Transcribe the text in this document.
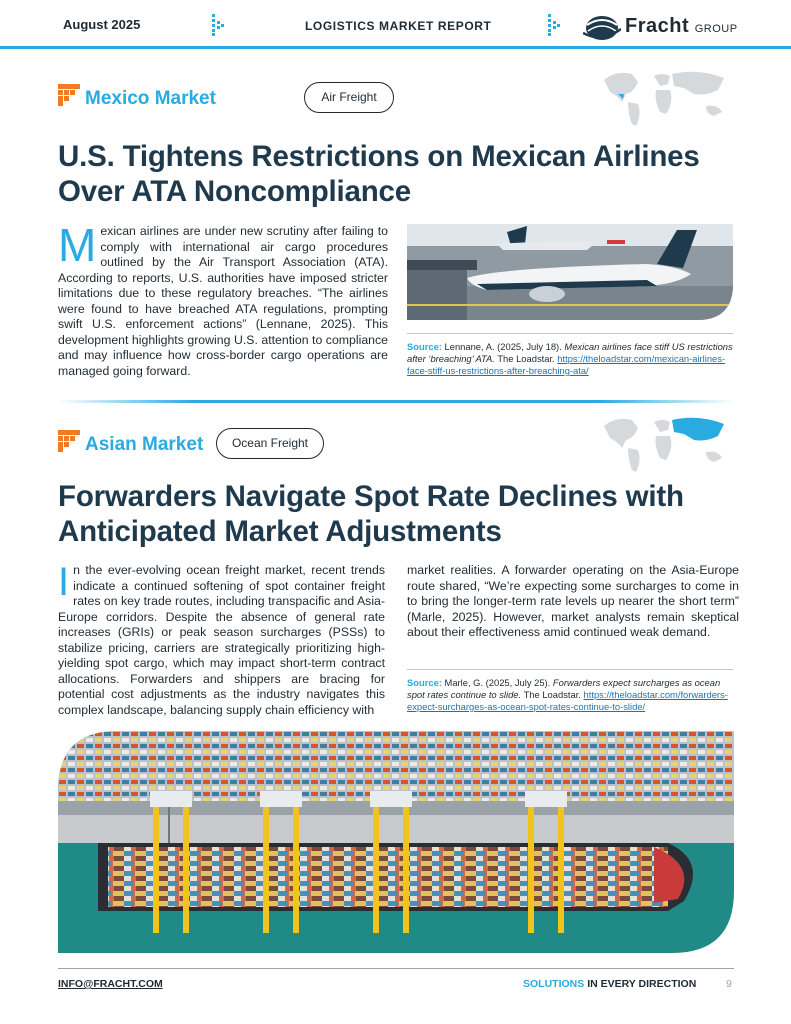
August 2025	LOGISTICS MARKET REPORT	Fracht GROUP
Mexico Market	Air Freight
U.S. Tightens Restrictions on Mexican Airlines
Over ATA Noncompliance
Mexican airlines are under new scrutiny after failing to comply with international air cargo procedures outlined by the Air Transport Association (ATA). According to reports, U.S. authorities have imposed stricter limitations due to these regulatory breaches. “The airlines were found to have breached ATA regulations, prompting swift U.S. enforcement actions” (Lennane, 2025). This development highlights growing U.S. attention to compliance and may influence how cross-border cargo operations are managed going forward.
Source: Lennane, A. (2025, July 18). Mexican airlines face stiff US restrictions after ‘breaching’ ATA. The Loadstar. https://theloadstar.com/mexican-airlines-face-stiff-us-restrictions-after-breaching-ata/
Asian Market	Ocean Freight
Forwarders Navigate Spot Rate Declines with
Anticipated Market Adjustments
In the ever-evolving ocean freight market, recent trends indicate a continued softening of spot container freight rates on key trade routes, including transpacific and Asia-Europe corridors. Despite the absence of general rate increases (GRIs) or peak season surcharges (PSSs) to stabilize pricing, carriers are strategically prioritizing high-yielding spot cargo, which may impact short-term contract allocations. Forwarders and shippers are bracing for potential cost adjustments as the industry navigates this complex landscape, balancing supply chain efficiency with
market realities. A forwarder operating on the Asia-Europe route shared, “We’re expecting some surcharges to come in to bring the longer-term rate levels up nearer the short term” (Marle, 2025). However, market analysts remain skeptical about their effectiveness amid continued weak demand.
Source: Marle, G. (2025, July 25). Forwarders expect surcharges as ocean spot rates continue to slide. The Loadstar. https://theloadstar.com/forwarders-expect-surcharges-as-ocean-spot-rates-continue-to-slide/
INFO@FRACHT.COM	SOLUTIONS IN EVERY DIRECTION	9
